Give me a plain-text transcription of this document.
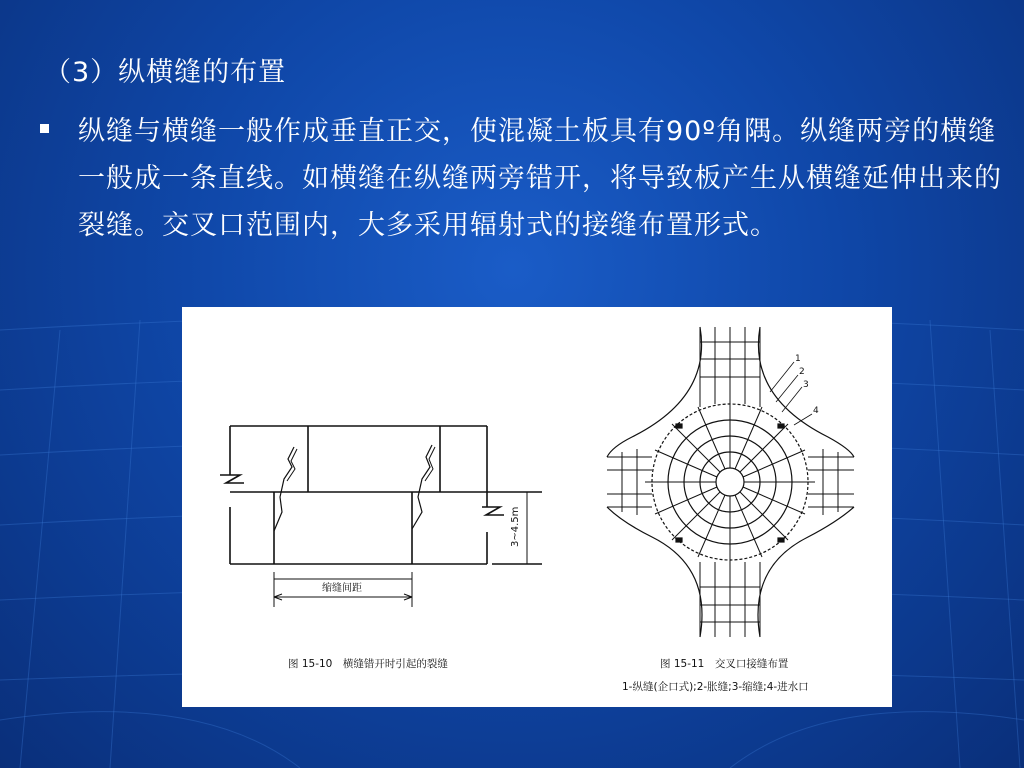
（3）纵横缝的布置
纵缝与横缝一般作成垂直正交，使混凝土板具有90º角隅。纵缝两旁的横缝一般成一条直线。如横缝在纵缝两旁错开，将导致板产生从横缝延伸出来的裂缝。交叉口范围内，大多采用辐射式的接缝布置形式。
3~4.5m
缩缝间距
图 15-10　横缝错开时引起的裂缝
1
2
3
4
图 15-11　交叉口接缝布置
1-纵缝(企口式);2-胀缝;3-缩缝;4-进水口
